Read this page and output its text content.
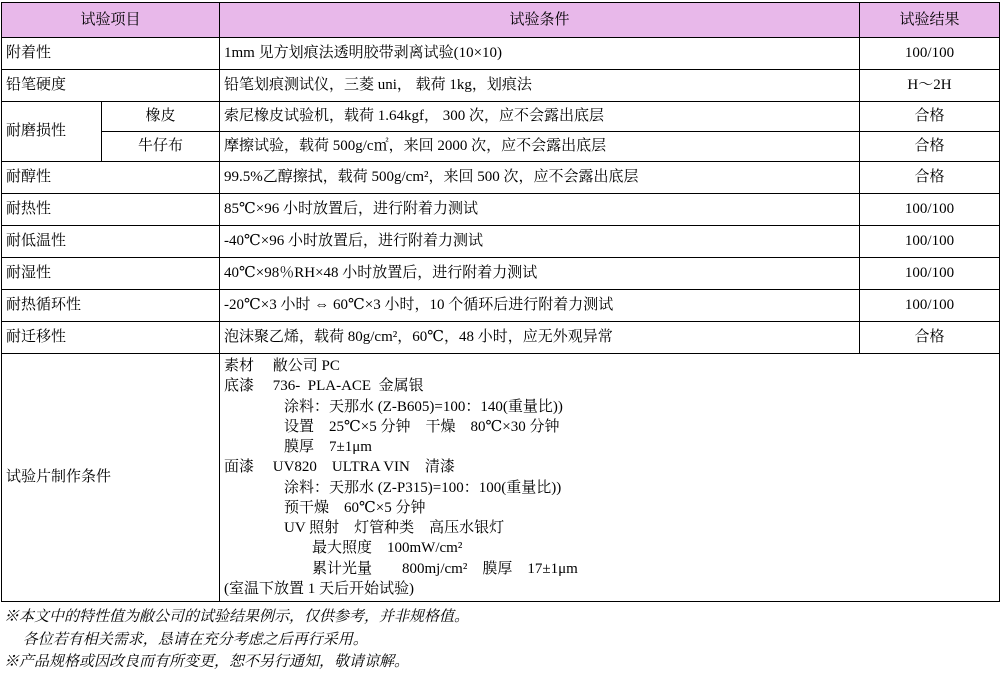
试验项目		试验条件	试验结果
附着性		1mm 见方划痕法透明胶带剥离试验(10×10)	100/100
铅笔硬度		铅笔划痕测试仪，三菱 uni， 载荷 1kg，划痕法	H～2H
耐磨损性	橡皮	索尼橡皮试验机，载荷 1.64kgf， 300 次，应不会露出底层	合格
	牛仔布	摩擦试验，载荷 500g/c㎡，来回 2000 次，应不会露出底层	合格
耐醇性		99.5%乙醇擦拭，载荷 500g/cm²，来回 500 次，应不会露出底层	合格
耐热性		85℃×96 小时放置后，进行附着力测试	100/100
耐低温性		-40℃×96 小时放置后，进行附着力测试	100/100
耐湿性		40℃×98％RH×48 小时放置后，进行附着力测试	100/100
耐热循环性		‐20℃×3 小时 ⇔ 60℃×3 小时，10 个循环后进行附着力测试	100/100
耐迁移性		泡沫聚乙烯，载荷 80g/cm²，60℃，48 小时，应无外观异常	合格
试验片制作条件	
素材　 敝公司 PC
底漆　 736‐  PLA-ACE  金属银
涂料：天那水 (Z-B605)=100：140(重量比))
设置　25℃×5 分钟　干燥　80℃×30 分钟
膜厚　7±1μm
面漆　 UV820　ULTRA VIN　清漆
涂料：天那水 (Z-P315)=100：100(重量比))
预干燥　60℃×5 分钟
UV 照射　灯管种类　高压水银灯
最大照度　100mW/cm²
累计光量　　800mj/cm²　膜厚　17±1μm
(室温下放置 1 天后开始试验)
※本文中的特性值为敝公司的试验结果例示，仅供参考，并非规格值。
　 各位若有相关需求，恳请在充分考虑之后再行采用。
※产品规格或因改良而有所变更，恕不另行通知，敬请谅解。
